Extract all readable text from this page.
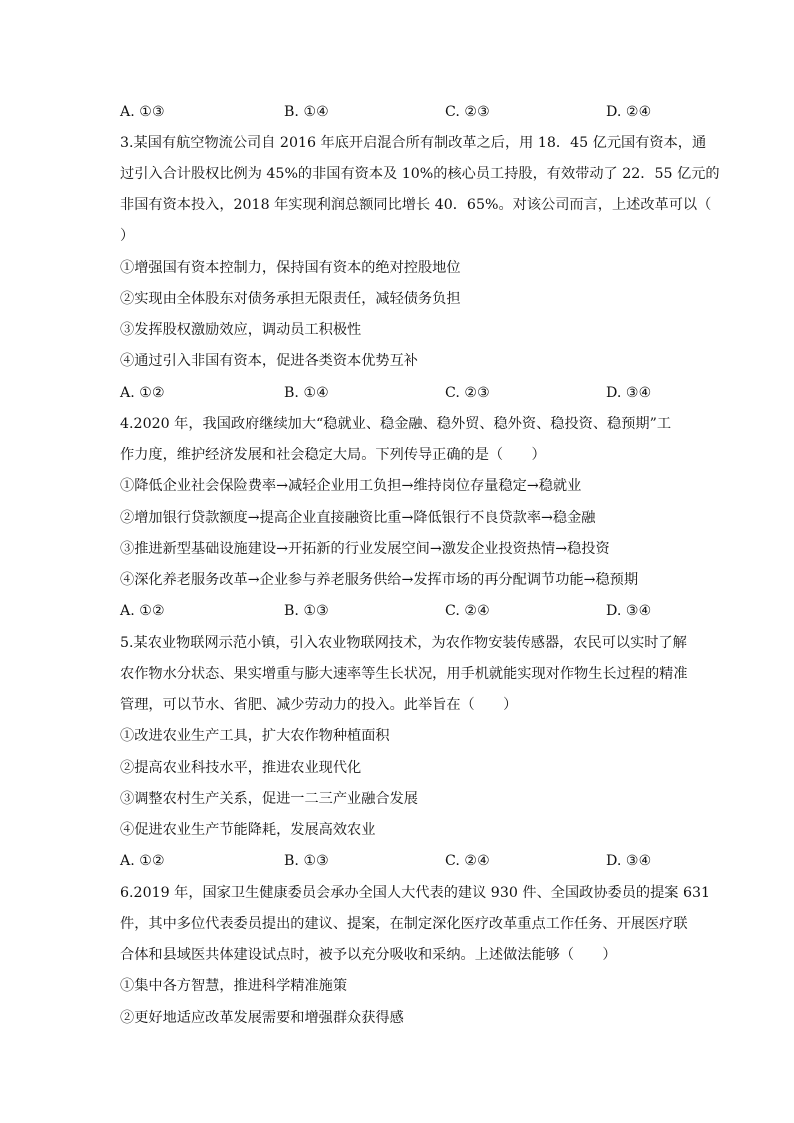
A. ①③	B. ①④	C. ②③	D. ②④
3.某国有航空物流公司自 2016 年底开启混合所有制改革之后，用 18．45 亿元国有资本，通
过引入合计股权比例为 45%的非国有资本及 10%的核心员工持股，有效带动了 22．55 亿元的
非国有资本投入，2018 年实现利润总额同比增长 40．65%。对该公司而言，上述改革可以（
）
①增强国有资本控制力，保持国有资本的绝对控股地位
②实现由全体股东对债务承担无限责任，减轻债务负担
③发挥股权激励效应，调动员工积极性
④通过引入非国有资本，促进各类资本优势互补
A. ①②	B. ①④	C. ②③	D. ③④
4.2020 年，我国政府继续加大“稳就业、稳金融、稳外贸、稳外资、稳投资、稳预期”工
作力度，维护经济发展和社会稳定大局。下列传导正确的是（　　）
①降低企业社会保险费率→减轻企业用工负担→维持岗位存量稳定→稳就业
②增加银行贷款额度→提高企业直接融资比重→降低银行不良贷款率→稳金融
③推进新型基础设施建设→开拓新的行业发展空间→激发企业投资热情→稳投资
④深化养老服务改革→企业参与养老服务供给→发挥市场的再分配调节功能→稳预期
A. ①②	B. ①③	C. ②④	D. ③④
5.某农业物联网示范小镇，引入农业物联网技术，为农作物安装传感器，农民可以实时了解
农作物水分状态、果实增重与膨大速率等生长状况，用手机就能实现对作物生长过程的精准
管理，可以节水、省肥、减少劳动力的投入。此举旨在（　　）
①改进农业生产工具，扩大农作物种植面积
②提高农业科技水平，推进农业现代化
③调整农村生产关系，促进一二三产业融合发展
④促进农业生产节能降耗，发展高效农业
A. ①②	B. ①③	C. ②④	D. ③④
6.2019 年，国家卫生健康委员会承办全国人大代表的建议 930 件、全国政协委员的提案 631
件，其中多位代表委员提出的建议、提案，在制定深化医疗改革重点工作任务、开展医疗联
合体和县域医共体建设试点时，被予以充分吸收和采纳。上述做法能够（　　）
①集中各方智慧，推进科学精准施策
②更好地适应改革发展需要和增强群众获得感
